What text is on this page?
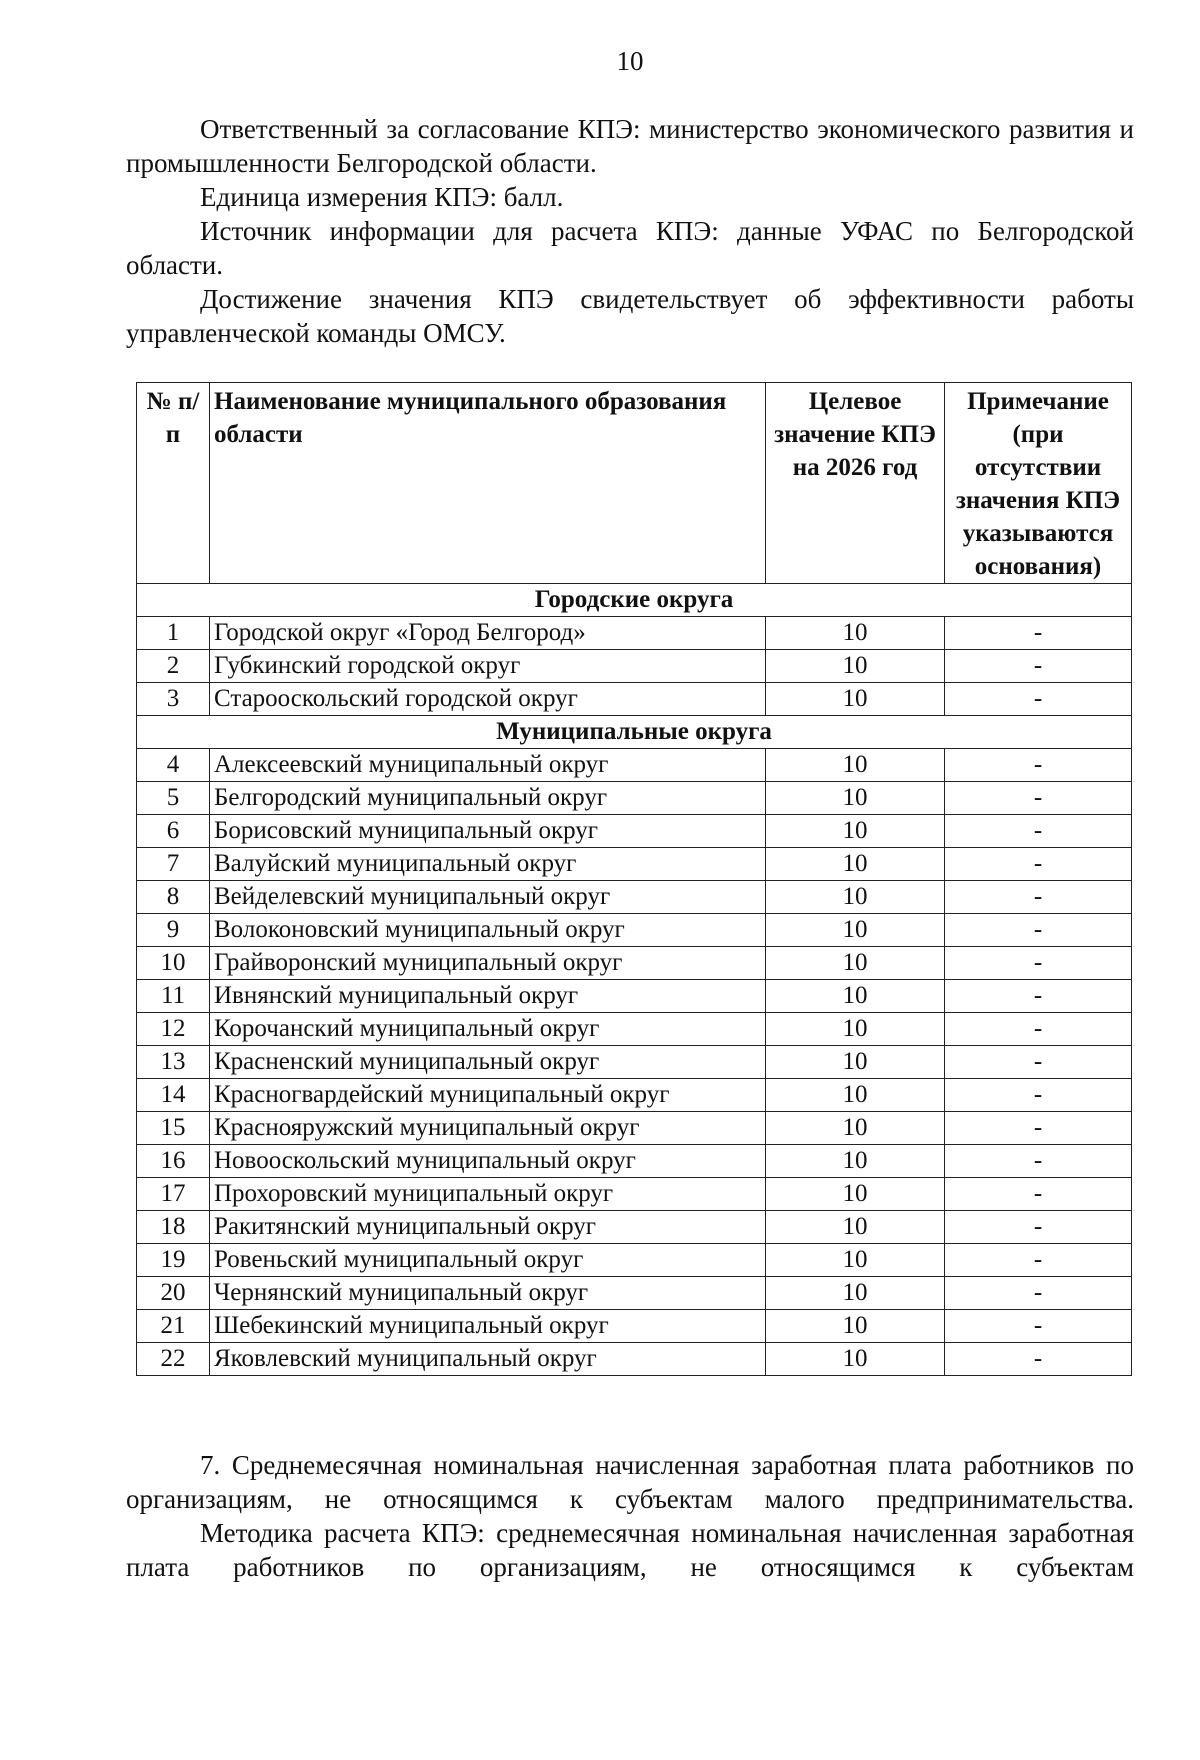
10

Ответственный за согласование КПЭ: министерство экономического развития и промышленности Белгородской области.

Единица измерения КПЭ: балл.

Источник информации для расчета КПЭ: данные УФАС по Белгородской области.

Достижение значения КПЭ свидетельствует об эффективности работы управленческой команды ОМСУ.

№ п/п	Наименование муниципального образования области	Целевое значение КПЭ на 2026 год	Примечание (при отсутствии значения КПЭ указываются основания)
Городские округа			
1	Городской округ «Город Белгород»	10	-
2	Губкинский городской округ	10	-
3	Старооскольский городской округ	10	-
Муниципальные округа			
4	Алексеевский муниципальный округ	10	-
5	Белгородский муниципальный округ	10	-
6	Борисовский муниципальный округ	10	-
7	Валуйский муниципальный округ	10	-
8	Вейделевский муниципальный округ	10	-
9	Волоконовский муниципальный округ	10	-
10	Грайворонский муниципальный округ	10	-
11	Ивнянский муниципальный округ	10	-
12	Корочанский муниципальный округ	10	-
13	Красненский муниципальный округ	10	-
14	Красногвардейский муниципальный округ	10	-
15	Краснояружский муниципальный округ	10	-
16	Новооскольский муниципальный округ	10	-
17	Прохоровский муниципальный округ	10	-
18	Ракитянский муниципальный округ	10	-
19	Ровеньский муниципальный округ	10	-
20	Чернянский муниципальный округ	10	-
21	Шебекинский муниципальный округ	10	-
22	Яковлевский муниципальный округ	10	-

7. Среднемесячная номинальная начисленная заработная плата работников по организациям, не относящимся к субъектам малого предпринимательства.

Методика расчета КПЭ: среднемесячная номинальная начисленная заработная плата работников по организациям, не относящимся к субъектам
